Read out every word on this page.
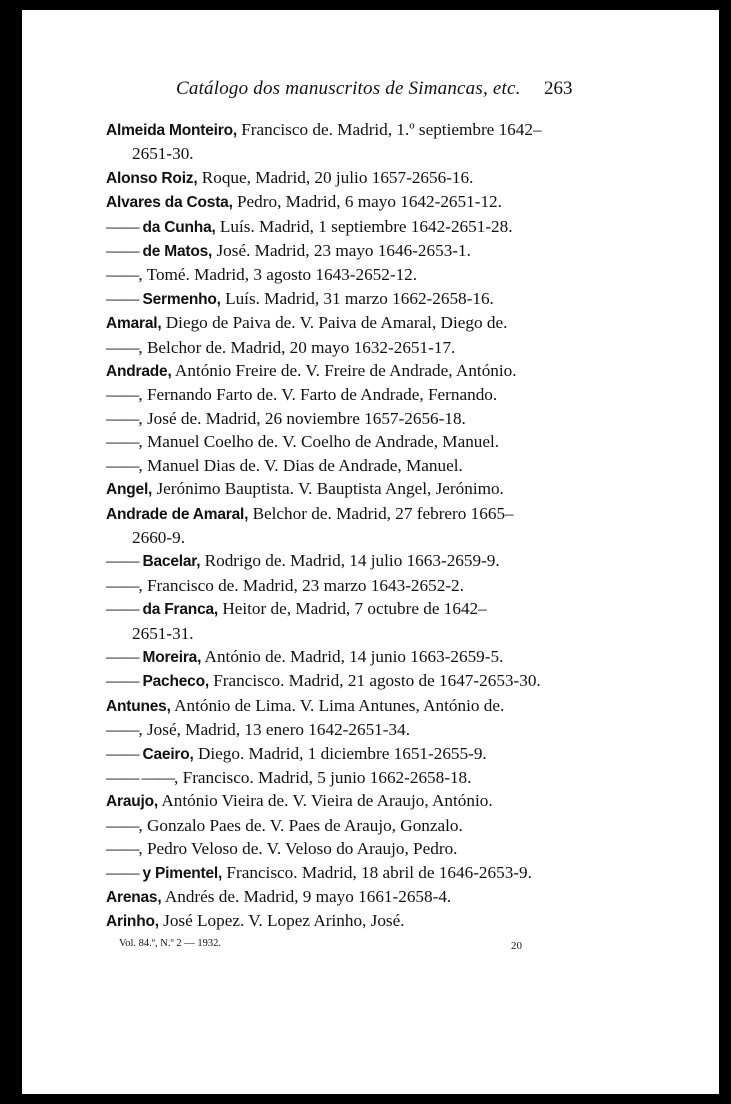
Catálogo dos manuscritos de Simancas, etc. 263
Almeida Monteiro, Francisco de. Madrid, 1.º septiembre 1642–
2651-30.
Alonso Roiz, Roque, Madrid, 20 julio 1657-2656-16.
Alvares da Costa, Pedro, Madrid, 6 mayo 1642-2651-12.
—— da Cunha, Luís. Madrid, 1 septiembre 1642-2651-28.
—— de Matos, José. Madrid, 23 mayo 1646-2653-1.
——, Tomé. Madrid, 3 agosto 1643-2652-12.
—— Sermenho, Luís. Madrid, 31 marzo 1662-2658-16.
Amaral, Diego de Paiva de. V. Paiva de Amaral, Diego de.
——, Belchor de. Madrid, 20 mayo 1632-2651-17.
Andrade, António Freire de. V. Freire de Andrade, António.
——, Fernando Farto de. V. Farto de Andrade, Fernando.
——, José de. Madrid, 26 noviembre 1657-2656-18.
——, Manuel Coelho de. V. Coelho de Andrade, Manuel.
——, Manuel Dias de. V. Dias de Andrade, Manuel.
Angel, Jerónimo Bauptista. V. Bauptista Angel, Jerónimo.
Andrade de Amaral, Belchor de. Madrid, 27 febrero 1665–
2660-9.
—— Bacelar, Rodrigo de. Madrid, 14 julio 1663-2659-9.
——, Francisco de. Madrid, 23 marzo 1643-2652-2.
—— da Franca, Heitor de, Madrid, 7 octubre de 1642–
2651-31.
—— Moreira, António de. Madrid, 14 junio 1663-2659-5.
—— Pacheco, Francisco. Madrid, 21 agosto de 1647-2653-30.
Antunes, António de Lima. V. Lima Antunes, António de.
——, José, Madrid, 13 enero 1642-2651-34.
—— Caeiro, Diego. Madrid, 1 diciembre 1651-2655-9.
—— ——, Francisco. Madrid, 5 junio 1662-2658-18.
Araujo, António Vieira de. V. Vieira de Araujo, António.
——, Gonzalo Paes de. V. Paes de Araujo, Gonzalo.
——, Pedro Veloso de. V. Veloso do Araujo, Pedro.
—— y Pimentel, Francisco. Madrid, 18 abril de 1646-2653-9.
Arenas, Andrés de. Madrid, 9 mayo 1661-2658-4.
Arinho, José Lopez. V. Lopez Arinho, José.
Vol. 84.º, N.º 2 — 1932.	20
